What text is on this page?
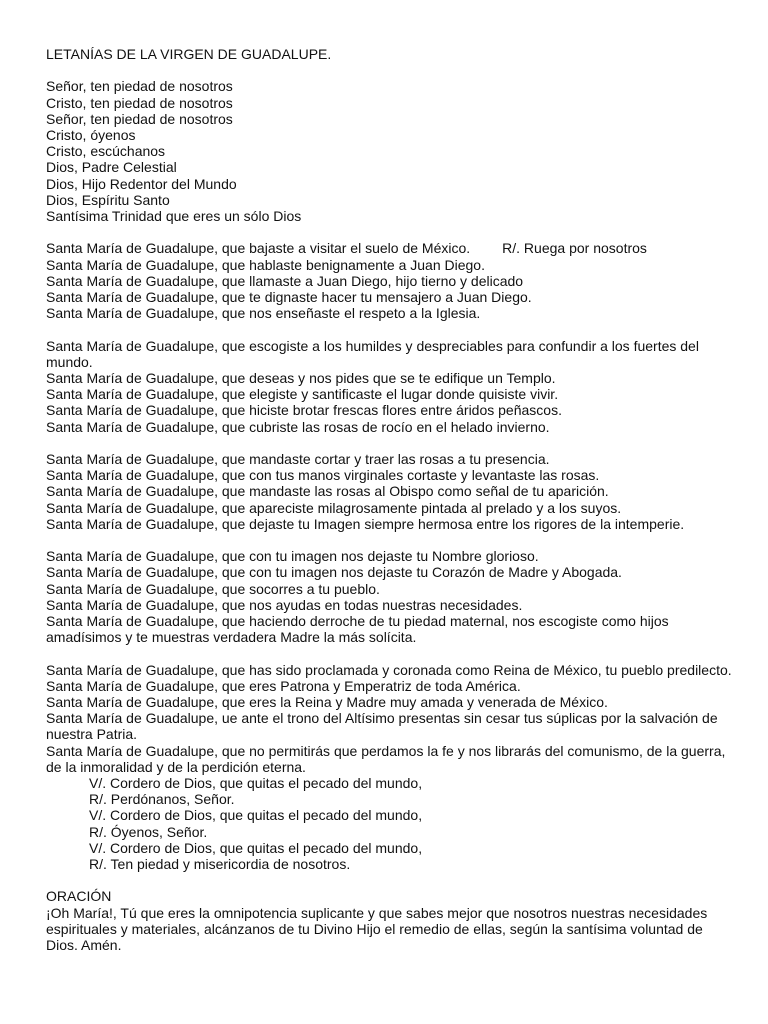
LETANÍAS DE LA VIRGEN DE GUADALUPE.
Señor, ten piedad de nosotros
Cristo, ten piedad de nosotros
Señor, ten piedad de nosotros
Cristo, óyenos
Cristo, escúchanos
Dios, Padre Celestial
Dios, Hijo Redentor del Mundo
Dios, Espíritu Santo
Santísima Trinidad que eres un sólo Dios
Santa María de Guadalupe, que bajaste a visitar el suelo de México. R/. Ruega por nosotros
Santa María de Guadalupe, que hablaste benignamente a Juan Diego.
Santa María de Guadalupe, que llamaste a Juan Diego, hijo tierno y delicado
Santa María de Guadalupe, que te dignaste hacer tu mensajero a Juan Diego.
Santa María de Guadalupe, que nos enseñaste el respeto a la Iglesia.
Santa María de Guadalupe, que escogiste a los humildes y despreciables para confundir a los fuertes del mundo.
Santa María de Guadalupe, que deseas y nos pides que se te edifique un Templo.
Santa María de Guadalupe, que elegiste y santificaste el lugar donde quisiste vivir.
Santa María de Guadalupe, que hiciste brotar frescas flores entre áridos peñascos.
Santa María de Guadalupe, que cubriste las rosas de rocío en el helado invierno.
Santa María de Guadalupe, que mandaste cortar y traer las rosas a tu presencia.
Santa María de Guadalupe, que con tus manos virginales cortaste y levantaste las rosas.
Santa María de Guadalupe, que mandaste las rosas al Obispo como señal de tu aparición.
Santa María de Guadalupe, que apareciste milagrosamente pintada al prelado y a los suyos.
Santa María de Guadalupe, que dejaste tu Imagen siempre hermosa entre los rigores de la intemperie.
Santa María de Guadalupe, que con tu imagen nos dejaste tu Nombre glorioso.
Santa María de Guadalupe, que con tu imagen nos dejaste tu Corazón de Madre y Abogada.
Santa María de Guadalupe, que socorres a tu pueblo.
Santa María de Guadalupe, que nos ayudas en todas nuestras necesidades.
Santa María de Guadalupe, que haciendo derroche de tu piedad maternal, nos escogiste como hijos amadísimos y te muestras verdadera Madre la más solícita.
Santa María de Guadalupe, que has sido proclamada y coronada como Reina de México, tu pueblo predilecto.
Santa María de Guadalupe, que eres Patrona y Emperatriz de toda América.
Santa María de Guadalupe, que eres la Reina y Madre muy amada y venerada de México.
Santa María de Guadalupe, ue ante el trono del Altísimo presentas sin cesar tus súplicas por la salvación de nuestra Patria.
Santa María de Guadalupe, que no permitirás que perdamos la fe y nos librarás del comunismo, de la guerra, de la inmoralidad y de la perdición eterna.
V/. Cordero de Dios, que quitas el pecado del mundo,
R/. Perdónanos, Señor.
V/. Cordero de Dios, que quitas el pecado del mundo,
R/. Óyenos, Señor.
V/. Cordero de Dios, que quitas el pecado del mundo,
R/. Ten piedad y misericordia de nosotros.
ORACIÓN
¡Oh María!, Tú que eres la omnipotencia suplicante y que sabes mejor que nosotros nuestras necesidades espirituales y materiales, alcánzanos de tu Divino Hijo el remedio de ellas, según la santísima voluntad de Dios. Amén.
